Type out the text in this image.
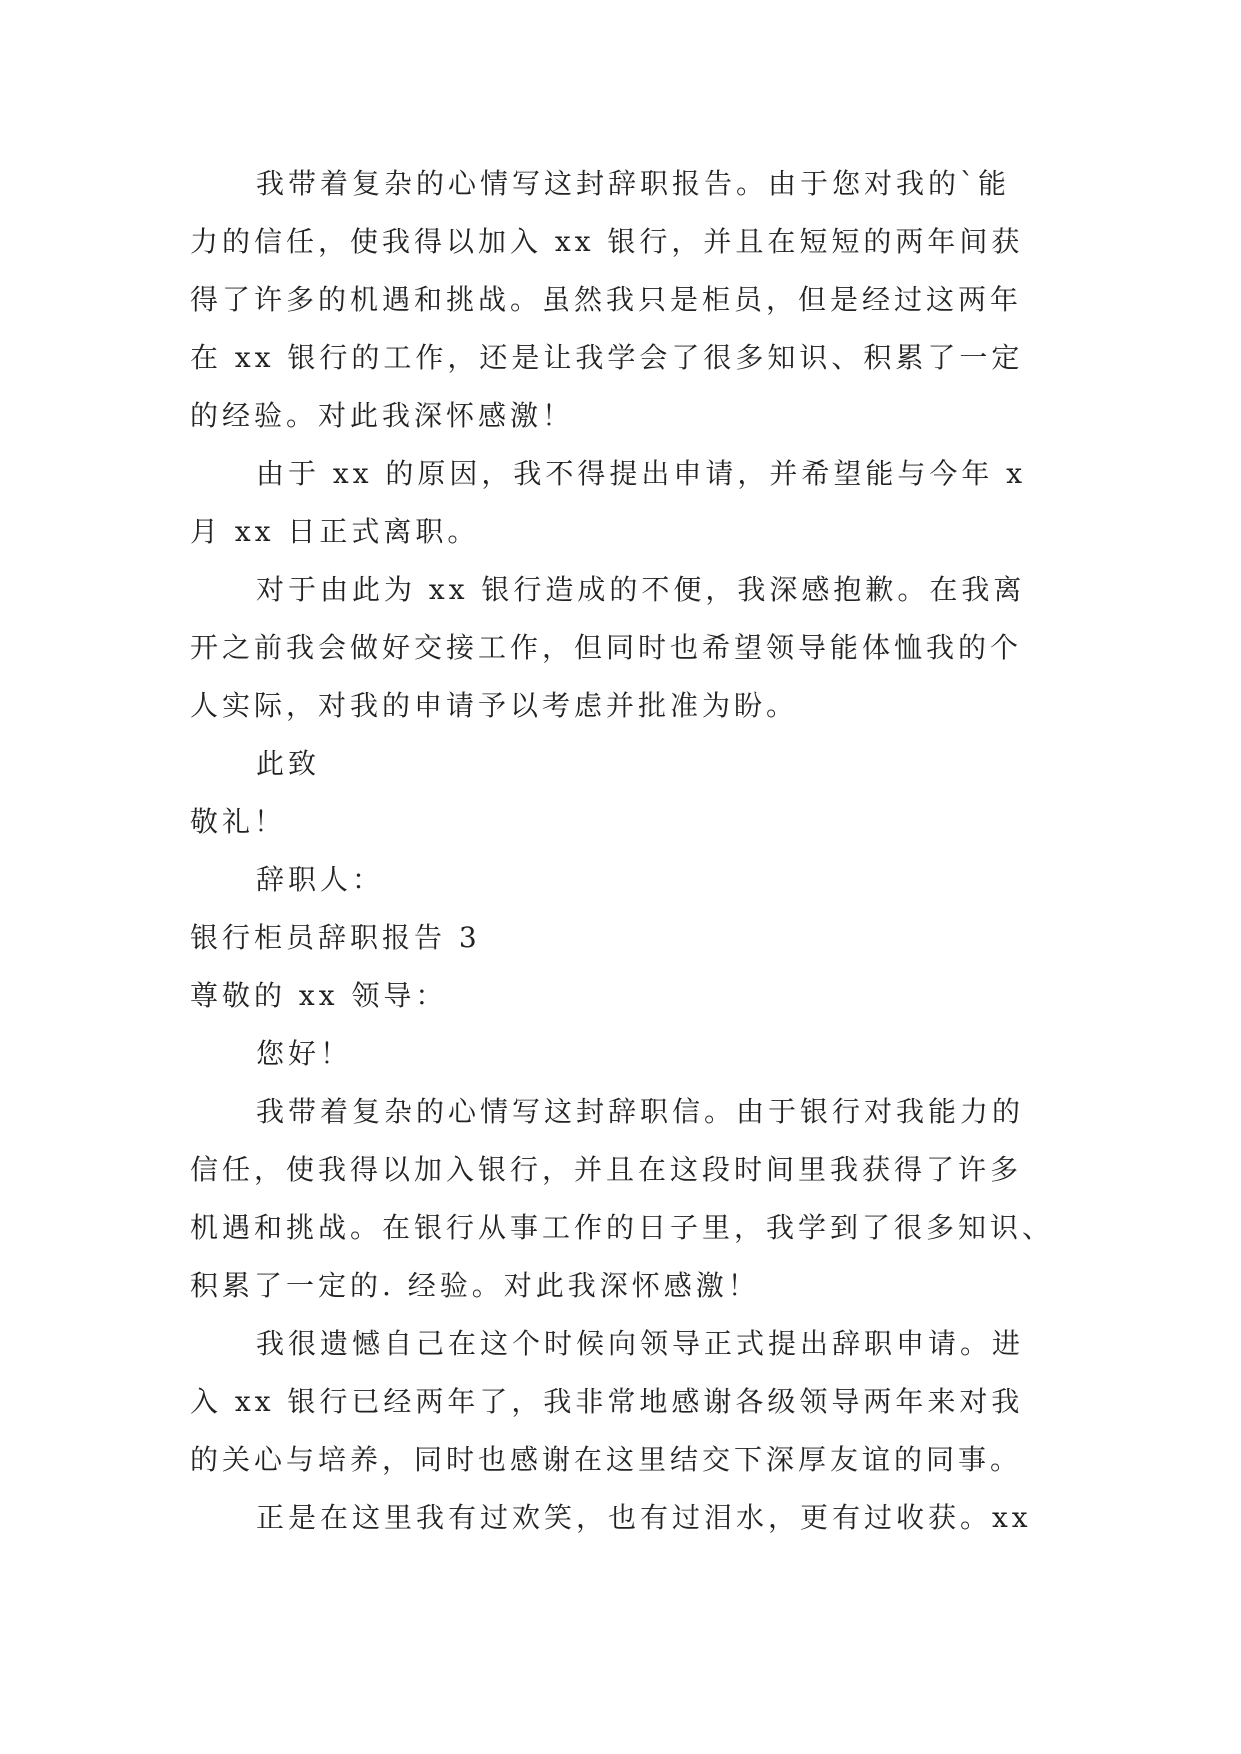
我带着复杂的心情写这封辞职报告。由于您对我的`能
力的信任，使我得以加入 xx 银行，并且在短短的两年间获
得了许多的机遇和挑战。虽然我只是柜员，但是经过这两年
在 xx 银行的工作，还是让我学会了很多知识、积累了一定
的经验。对此我深怀感激！
由于 xx 的原因，我不得提出申请，并希望能与今年 x
月 xx 日正式离职。
对于由此为 xx 银行造成的不便，我深感抱歉。在我离
开之前我会做好交接工作，但同时也希望领导能体恤我的个
人实际，对我的申请予以考虑并批准为盼。
此致
敬礼！
辞职人：
银行柜员辞职报告 3
尊敬的 xx 领导：
您好！
我带着复杂的心情写这封辞职信。由于银行对我能力的
信任，使我得以加入银行，并且在这段时间里我获得了许多
机遇和挑战。在银行从事工作的日子里，我学到了很多知识、
积累了一定的. 经验。对此我深怀感激！
我很遗憾自己在这个时候向领导正式提出辞职申请。进
入 xx 银行已经两年了，我非常地感谢各级领导两年来对我
的关心与培养，同时也感谢在这里结交下深厚友谊的同事。
正是在这里我有过欢笑，也有过泪水，更有过收获。xx
